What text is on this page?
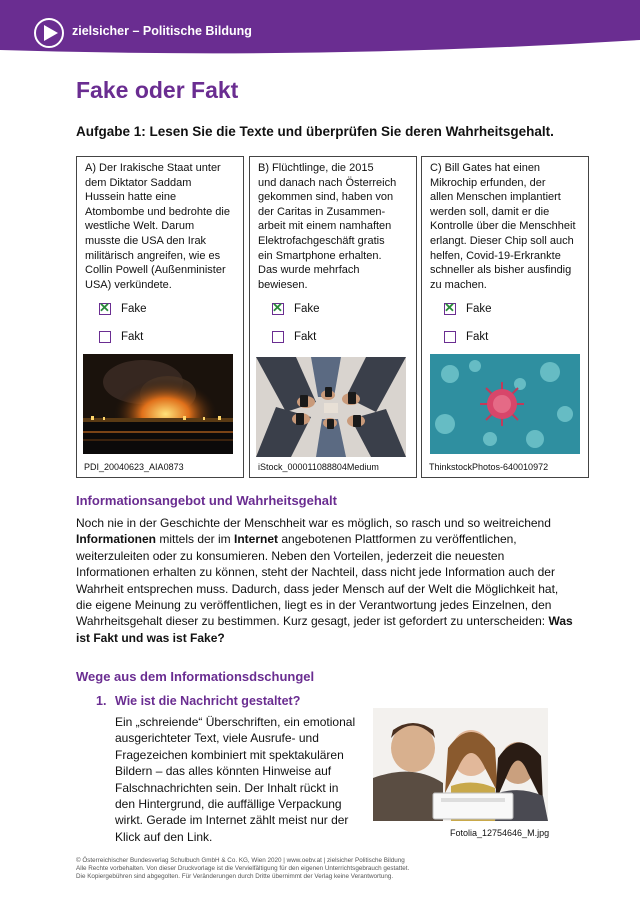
zielsicher – Politische Bildung
Fake oder Fakt
Aufgabe 1: Lesen Sie die Texte und überprüfen Sie deren Wahrheitsgehalt.
A) Der Irakische Staat unter
dem Diktator Saddam
Hussein hatte eine
Atombombe und bedrohte die
westliche Welt. Darum
musste die USA den Irak
militärisch angreifen, wie es
Collin Powell (Außenminister
USA) verkündete.
✕ Fake
Fakt
PDI_20040623_AIA0873
B) Flüchtlinge, die 2015
und danach nach Österreich
gekommen sind, haben von
der Caritas in Zusammen-
arbeit mit einem namhaften
Elektrofachgeschäft gratis
ein Smartphone erhalten.
Das wurde mehrfach
bewiesen.
✕ Fake
Fakt
iStock_000011088804Medium
C) Bill Gates hat einen
Mikrochip erfunden, der
allen Menschen implantiert
werden soll, damit er die
Kontrolle über die Menschheit
erlangt. Dieser Chip soll auch
helfen, Covid-19-Erkrankte
schneller als bisher ausfindig
zu machen.
✕ Fake
Fakt
ThinkstockPhotos-640010972
Informationsangebot und Wahrheitsgehalt

Noch nie in der Geschichte der Menschheit war es möglich, so rasch und so weitreichend Informationen mittels der im Internet angebotenen Plattformen zu veröffentlichen, weiterzuleiten oder zu konsumieren. Neben den Vorteilen, jederzeit die neuesten Informationen erhalten zu können, steht der Nachteil, dass nicht jede Information auch der Wahrheit entsprechen muss. Dadurch, dass jeder Mensch auf der Welt die Möglichkeit hat, die eigene Meinung zu veröffentlichen, liegt es in der Verantwortung jedes Einzelnen, den Wahrheitsgehalt dieser zu bestimmen. Kurz gesagt, jeder ist gefordert zu unterscheiden: Was ist Fakt und was ist Fake?

Wege aus dem Informationsdschungel
1. Wie ist die Nachricht gestaltet?

Ein „schreiende“ Überschriften, ein emotional ausgerichteter Text, viele Ausrufe- und Fragezeichen kombiniert mit spektakulären Bildern – das alles könnten Hinweise auf Falschnachrichten sein. Der Inhalt rückt in den Hintergrund, die auffällige Verpackung wirkt. Gerade im Internet zählt meist nur der Klick auf den Link.	Fotolia_12754646_M.jpg
© Österreichischer Bundesverlag Schulbuch GmbH & Co. KG, Wien 2020 | www.oebv.at | zielsicher Politische Bildung
Alle Rechte vorbehalten. Von dieser Druckvorlage ist die Vervielfältigung für den eigenen Unterrichtsgebrauch gestattet.
Die Kopiergebühren sind abgegolten. Für Veränderungen durch Dritte übernimmt der Verlag keine Verantwortung.
